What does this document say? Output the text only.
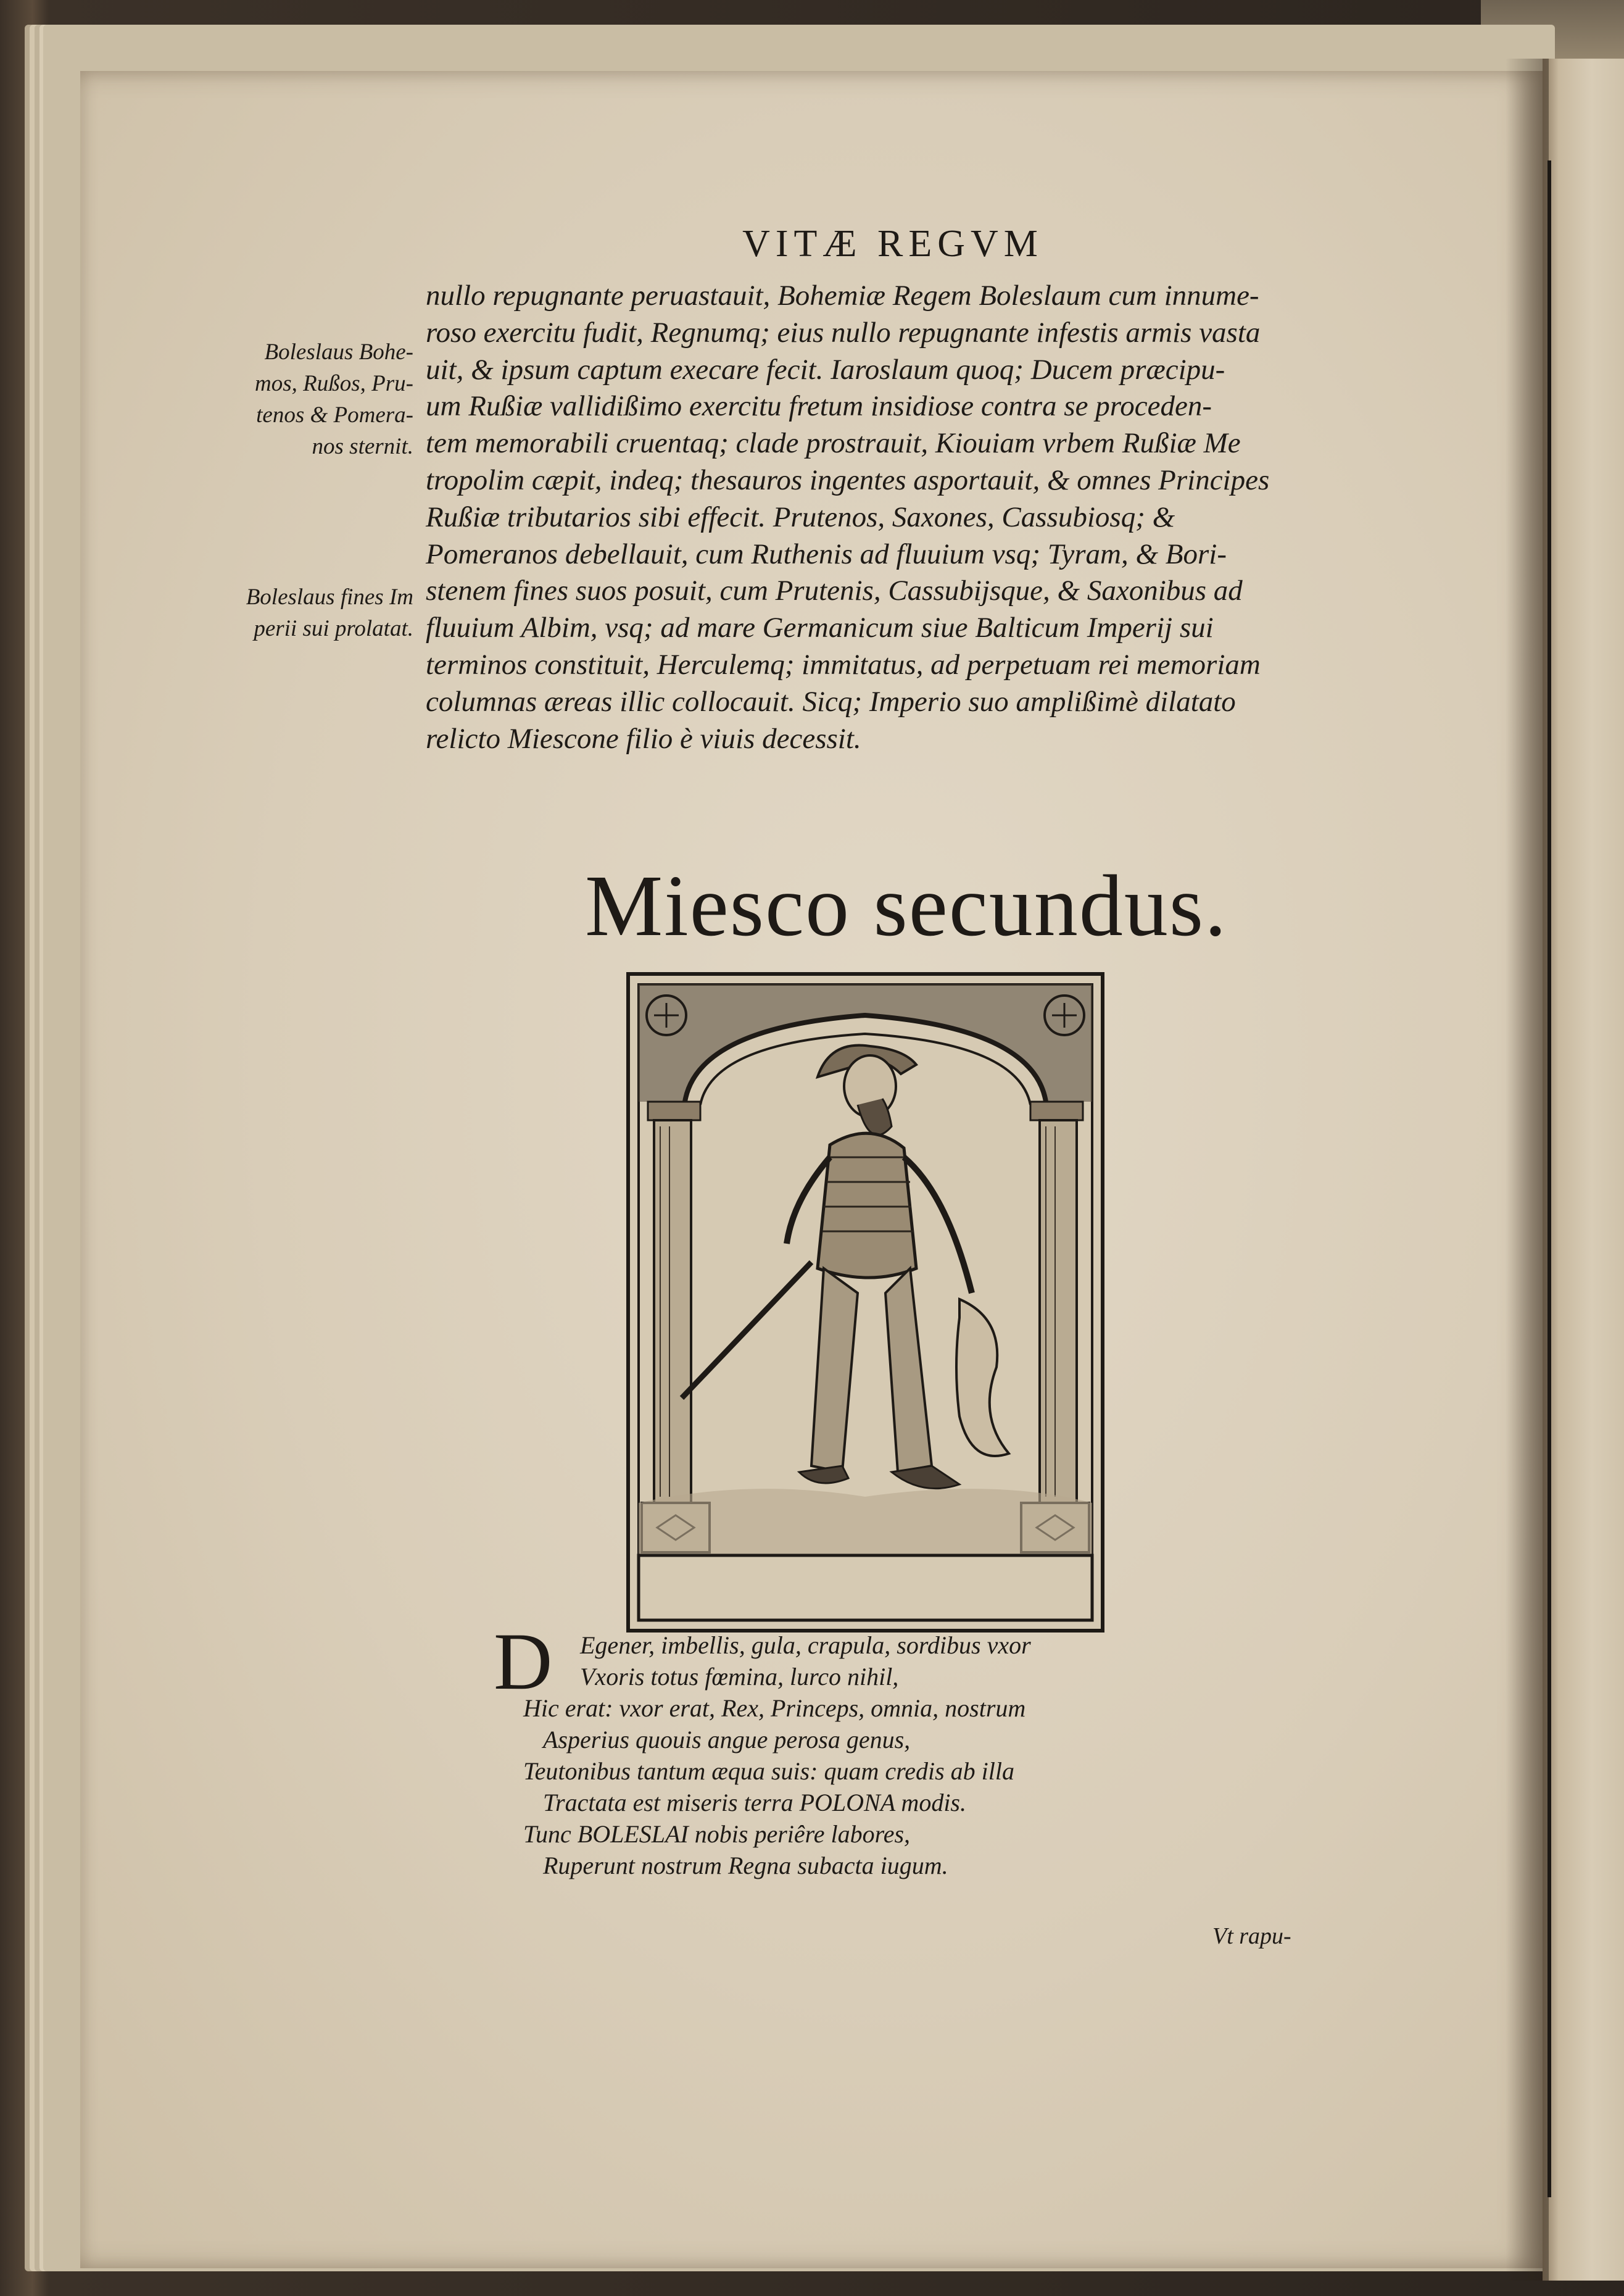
VITÆ REGVM
Boleslaus Bohe-
mos, Rußos, Pru-
tenos & Pomera-
nos sternit.
Boleslaus fines Im
perii sui prolatat.
nullo repugnante peruastauit, Bohemiæ Regem Boleslaum cum innume-
roso exercitu fudit, Regnumq; eius nullo repugnante infestis armis vasta
uit, & ipsum captum execare fecit. Iaroslaum quoq; Ducem præcipu-
um Rußiæ vallidißimo exercitu fretum insidiose contra se proceden-
tem memorabili cruentaq; clade prostrauit, Kiouiam vrbem Rußiæ Me
tropolim cæpit, indeq; thesauros ingentes asportauit, & omnes Principes
Rußiæ tributarios sibi effecit. Prutenos, Saxones, Cassubiosq; &
Pomeranos debellauit, cum Ruthenis ad fluuium vsq; Tyram, & Bori-
stenem fines suos posuit, cum Prutenis, Cassubijsque, & Saxonibus ad
fluuium Albim, vsq; ad mare Germanicum siue Balticum Imperij sui
terminos constituit, Herculemq; immitatus, ad perpetuam rei memoriam
columnas æreas illic collocauit. Sicq; Imperio suo amplißimè dilatato
relicto Miescone filio è viuis decessit.
Miesco secundus.
D	Egener, imbellis, gula, crapula, sordibus vxor
Vxoris totus fœmina, lurco nihil,
Hic erat: vxor erat, Rex, Princeps, omnia, nostrum
Asperius quouis angue perosa genus,
Teutonibus tantum æqua suis: quam credis ab illa
Tractata est miseris terra POLONA modis.
Tunc BOLESLAI nobis periêre labores,
Ruperunt nostrum Regna subacta iugum.
Vt rapu-
